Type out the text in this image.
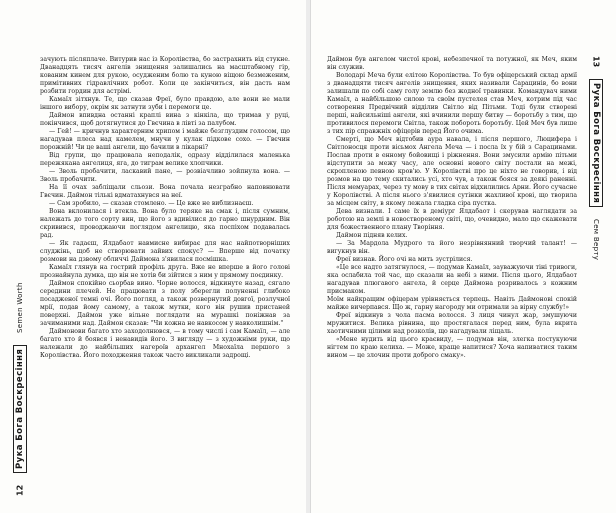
12
Рука Бога Воскресіння
Semen Worth

зачують післяплаче. Витурив нас із Королівства, бо застрахнить від стукне. Дванадцять тисяч ангелів знищення залишались на масштабному гір, кованим кинем для рукою, осудженим болю та куною віщою безмеженим, примітивних гідравлічних робот. Коли це закінчиться, він дасть нам розбити гордин для астрімі.

Камаїл зітхнув. Те, що сказав Фреї, було правдою, але вони не мали іншого вибору, окрім як затнути зуби і перемоги це.

Даймон впивдна останні краплі вина з кінкіла, що тримав у руці, покінчився, щоб дотягнутися до Гвєчина в лівті за палубом.

— Гей! — кричнув характерним хрипом і майже безглуздим голосом, що нагадував плеса над камелем, мнучи у кулак підкове сохо. — Гвєчин порожній! Чи це ваші ангели, що бачили в лікарні?

Від групи, що працювала неподалік, одразу відділилася маленька пережякана ангелиця, яга, до тиграм велике хлопчики.

— Зволь пробачити, ласкавий пане, — розвіачливо зойпнула вона. — Зволь пробачити.

На її очах забліщали сльози. Вона почала незграбно наповнювати Гвєчин. Даймон тількі вдматахнувся на неї.

— Сам зробило, — сказав стомлено. — Це вже не виблизнаєш.

Вона вклонилася і втекла. Вона було теряке на смак і, після сумним, належать до того сорту вин, що його з вдивілися до гарно шнурдним. Він скривився, проводжаючи поглядом ангелицю, яка поспіхом подавалась рад.

— Як гадаєш, Ялдабаот навмисне вибирає для нас найпотворніших слуджінь, щоб не створювати зайвих спокус? — Вперше від початку розмови на дзвому обличчі Даймона з'явилася посмішка.

Камаїл глянув на гострий профіль друга. Вже не вперше в його голові прознайнула думка, що він не хотів би зійтися з ним у прямому поєдинку.

Даймон спокійно сьорбав вино. Чорне волосся, відкинуте назад, сягало середини плечей. Не працювати з полу зберегли полуненні глибоко посадженої темні очі. Його погляд, а також розвернутий довгої, розлучної мрії, подав йому самому, а також мутки, кого він рушив пристаней поверхні. Даймон уже вільне поглядати на мурашкі поніжнав за зачиманими над. Даймон сказав: "Чи кожна не навкосом у навколишнім."

Даймонови багато хто заходолнювся, — в тому числі і сам Камаїл, — але багато хто й боявся і ненавидів його. З вигляду — з художніми руки, що належали до найбільших нагероїв архангел Мнохаїла першого з Королівства. Його походження також часто викликали задрощі.

Даймон був ангелом чистої крові, небезпечної та потужної, як Меч, яким він служив.

Володарі Меча були елітою Королівства. То був офіцерський склад армії з дванадцяти тисяч ангелів знищення, яких називали Сарацинів, бо вони залишали по собі саму голу землю без жодної травинки. Командувач ними Камаїл, а найбільшою силою та своїм пустелея став Меч, котрим під час сотворення Предвічний відділив Світло від Пітьми. Тоді були створені перші, найсильніші ангели, які вчинили першу битву — боротьбу з тим, що противилося перемоги Світла, також побороть боротьбу. Цей Меч був лише з тих пір справжніх офіцерів перед Його очима.

Смерті, що Меч відтобив аура навала, і після першого, Люцифера і Світлоносця проти вісьмох Ангела Меча — і посла їх у бій з Сарацинами. Послав проти в енному бойовищі і ріжнення. Вони змусили армію пітьми відступити за межу часу, але основні нового світу постали на межі, скропленою певною кров'ю. У Королівстві про це ніхто не говорив, і від розмов на цю тему скитались усі, хто чув, а також бояся за деякі раненні. Після мемуарах, через ту мову в тих світах відхилились Арни. Його сучасне у Королівстві. А після нього з'явилися сутінки жахливої крові, що творила за місцем світу, в якому лежала гладка сіра пустка.

Дева визнали. І саме їх в деміург Ялдабаот і скерував наглядати за роботою на землі в новоствореному світі, що, очевидно, мало що скажевати для божественного плану Творіння.

Даймон підняв келих.

— За Мардола Мудрого та його незрівнянний творчий талант! — вигукнув він.

Фреї визнав. Його очі на мить зустрілися.

«Це все надто затягнулося, — подумав Камаїл, зауважуючи тіні тривоги, яка ослабила той час, що сказали на небі з ними. Після цього, Ялдабаот нагадував плюгавого ангела, й серце Даймона розривалось з кожним присмаком.

Моїм найкращим офіцерам урівняється терпець. Навіть Даймонові спокій майже вичерпався. Що ж, гарну нагороду ми отримали за вірну службу!»

Фреї відкинув з чола пасма волосся. З лиця чинул жар, змушуючи мружитися. Велика рівнина, що простягалася перед ним, була вкрита хаотичними цілими над розколів, що нагадували ліщаль.

«Мене нудить від цього краєвиду, — подумав він, злегка постукуючи нігтем по краю келиха. — Може, краще напитися? Хоча напиватися таким вином — це злочин проти доброго смаку».

13
Рука Бога Воскресіння
Сем Верту
